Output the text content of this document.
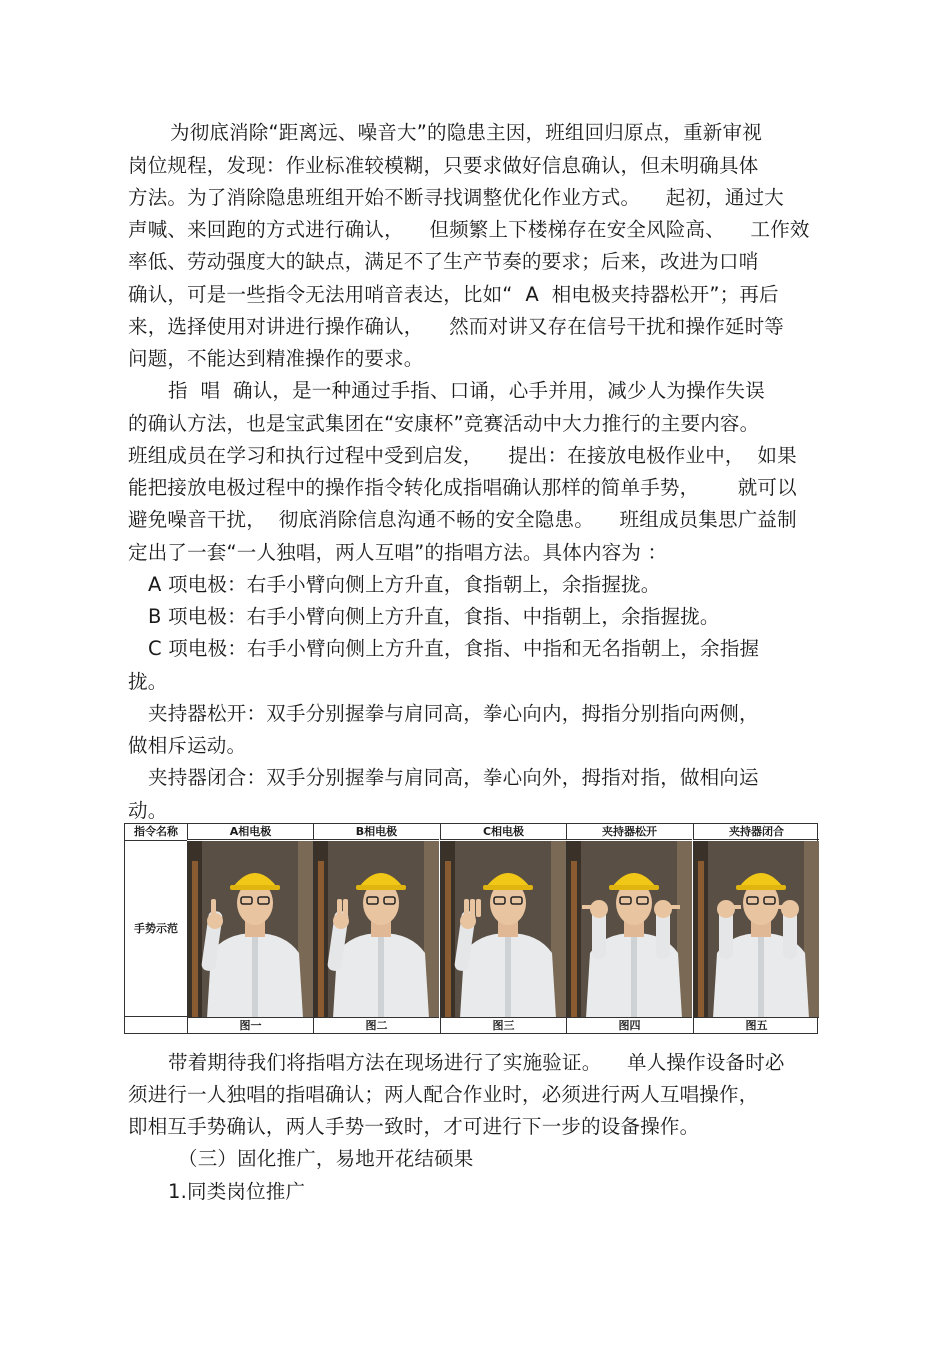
为彻底消除“距离远、噪音大”的隐患主因，班组回归原点，重新审视
岗位规程，发现：作业标准较模糊，只要求做好信息确认，但未明确具体
方法。为了消除隐患班组开始不断寻找调整优化作业方式。    起初，通过大
声喊、来回跑的方式进行确认，    但频繁上下楼梯存在安全风险高、    工作效
率低、劳动强度大的缺点，满足不了生产节奏的要求；后来，改进为口哨
确认，可是一些指令无法用哨音表达，比如“  A  相电极夹持器松开”；再后
来，选择使用对讲进行操作确认，    然而对讲又存在信号干扰和操作延时等
问题，不能达到精准操作的要求。
指  唱  确认，是一种通过手指、口诵，心手并用，减少人为操作失误
的确认方法，也是宝武集团在“安康杯”竞赛活动中大力推行的主要内容。
班组成员在学习和执行过程中受到启发，    提出：在接放电极作业中，  如果
能把接放电极过程中的操作指令转化成指唱确认那样的简单手势，      就可以
避免噪音干扰，  彻底消除信息沟通不畅的安全隐患。    班组成员集思广益制
定出了一套“一人独唱，两人互唱”的指唱方法。具体内容为 ：
A 项电极：右手小臂向侧上方升直，食指朝上，余指握拢。
B 项电极：右手小臂向侧上方升直，食指、中指朝上，余指握拢。
C 项电极：右手小臂向侧上方升直，食指、中指和无名指朝上，余指握
拢。
夹持器松开：双手分别握拳与肩同高，拳心向内，拇指分别指向两侧，
做相斥运动。
夹持器闭合：双手分别握拳与肩同高，拳心向外，拇指对指，做相向运
动。
指令名称
手势示范
A相电极
图一
B相电极
图二
C相电极
图三
夹持器松开
图四
夹持器闭合
图五
带着期待我们将指唱方法在现场进行了实施验证。    单人操作设备时必
须进行一人独唱的指唱确认；两人配合作业时，必须进行两人互唱操作，
即相互手势确认，两人手势一致时，才可进行下一步的设备操作。
（三）固化推广，易地开花结硕果
1.同类岗位推广
